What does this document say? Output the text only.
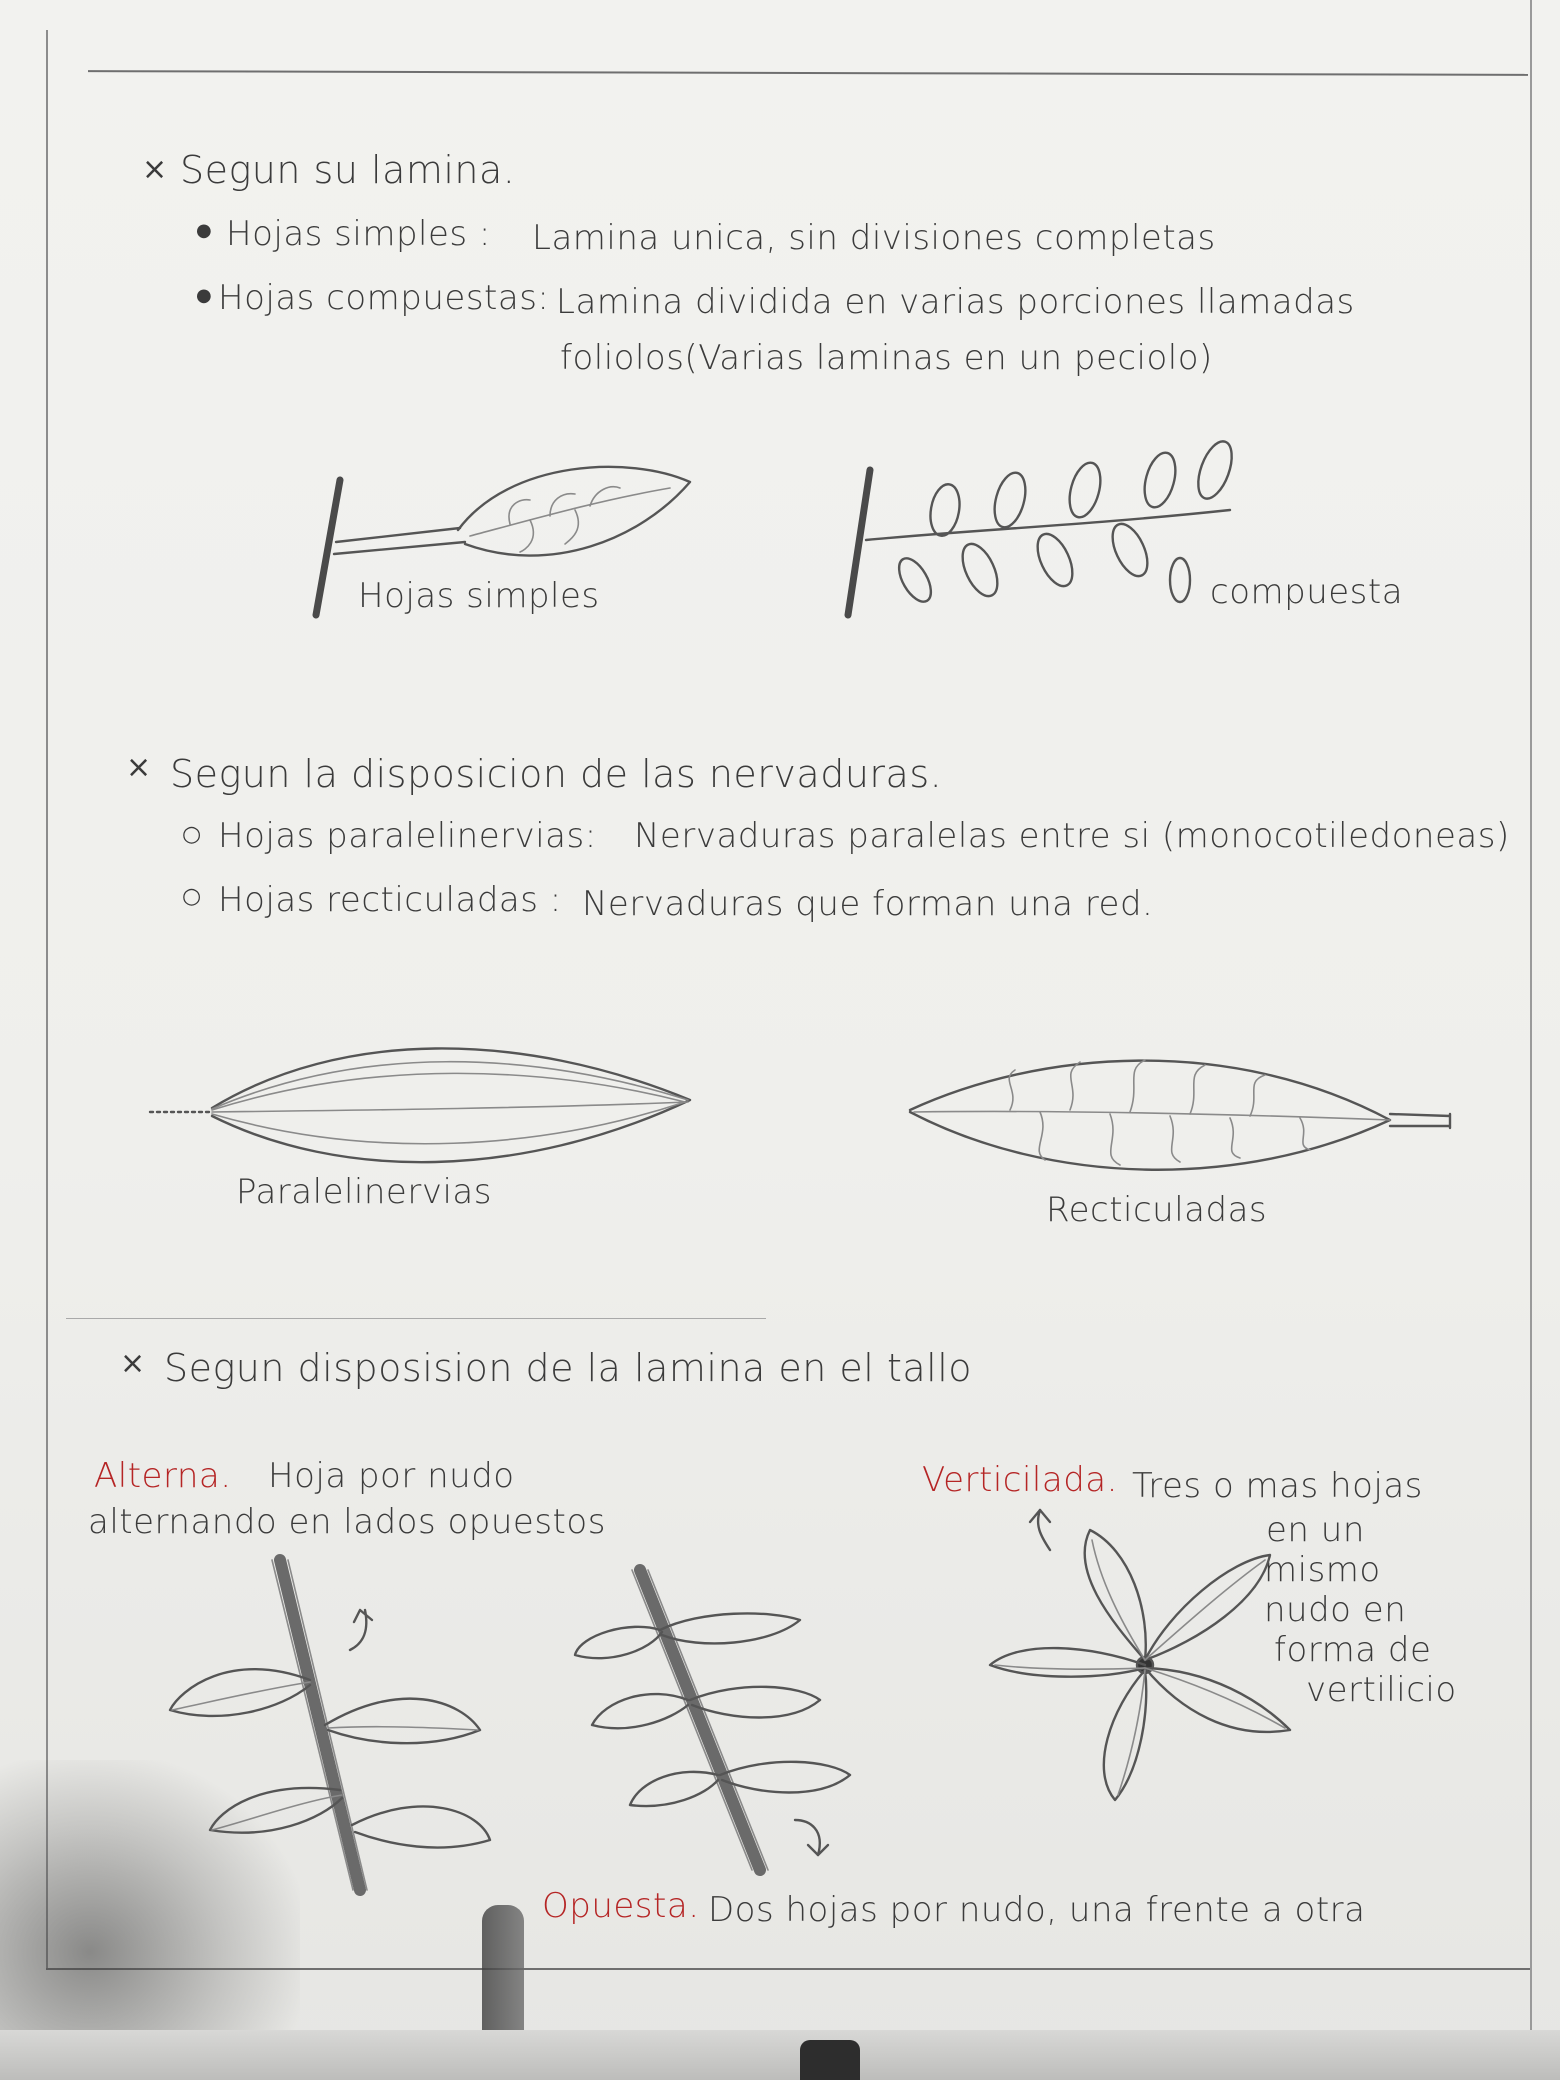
× Segun su lamina.
● Hojas simples : Lamina unica, sin divisiones completas
● Hojas compuestas: Lamina dividida en varias porciones llamadas
foliolos(Varias laminas en un peciolo)
Hojas simples	compuesta
× Segun la disposicion de las nervaduras.
○ Hojas paralelinervias: Nervaduras paralelas entre si (monocotiledoneas)
○ Hojas recticuladas : Nervaduras que forman una red.
Paralelinervias	Recticuladas
× Segun disposision de la lamina en el tallo
Alterna. Hoja por nudo
alternando en lados opuestos
Verticilada. Tres o mas hojas
en un
mismo
nudo en
forma de
vertilicio
Opuesta. Dos hojas por nudo, una frente a otra
